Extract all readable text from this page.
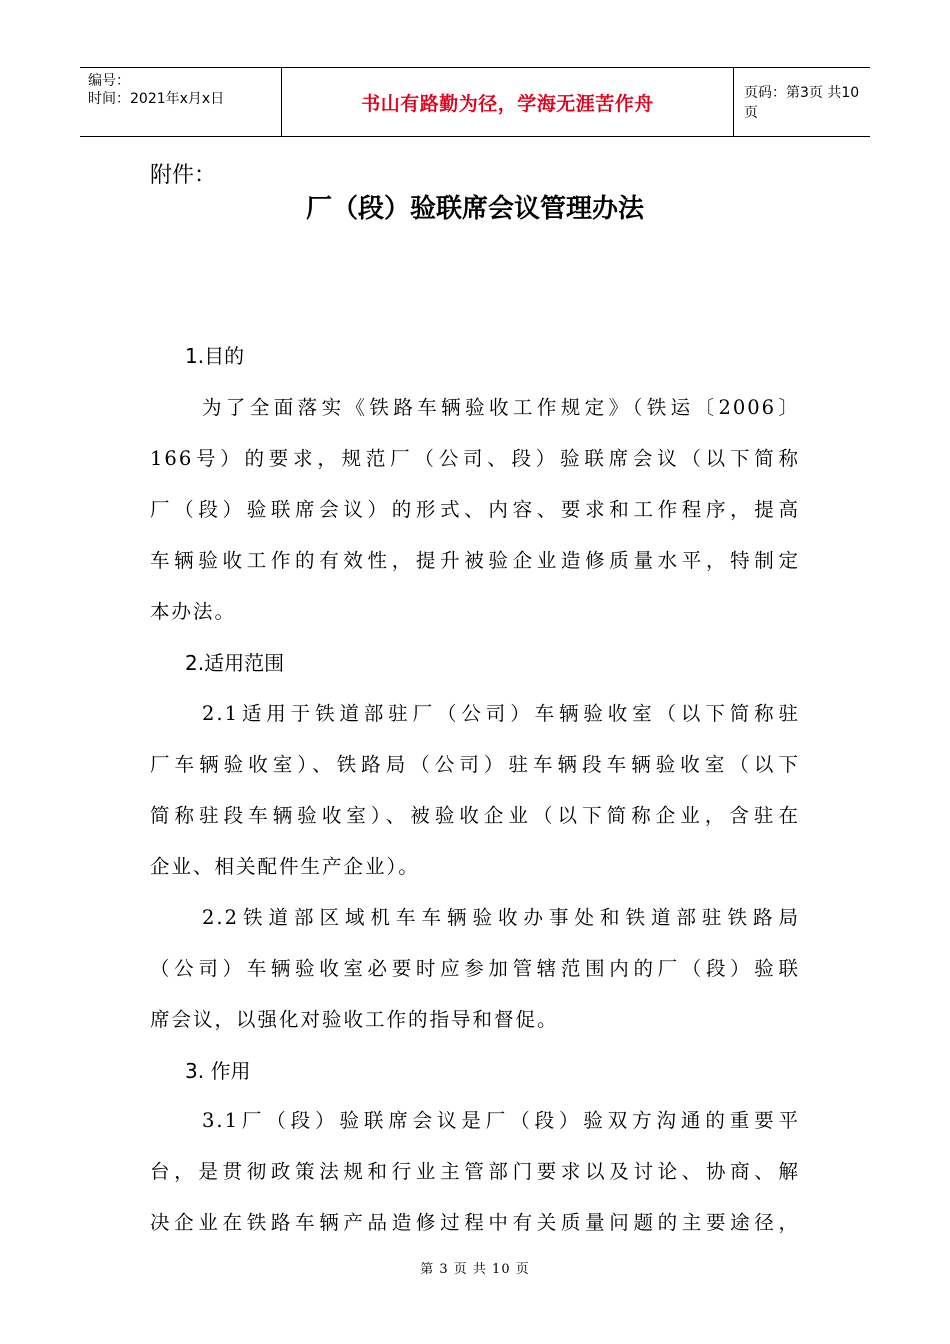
编号：
时间：2021年x月x日	书山有路勤为径，学海无涯苦作舟	页码：第3页 共10页
附件：
厂（段）验联席会议管理办法
1.目的
为了全面落实《铁路车辆验收工作规定》（铁运〔2006〕
166号）的要求，规范厂（公司、段）验联席会议（以下简称
厂（段）验联席会议）的形式、内容、要求和工作程序，提高
车辆验收工作的有效性，提升被验企业造修质量水平，特制定
本办法。
2.适用范围
2.1适用于铁道部驻厂（公司）车辆验收室（以下简称驻
厂车辆验收室）、铁路局（公司）驻车辆段车辆验收室（以下
简称驻段车辆验收室）、被验收企业（以下简称企业，含驻在
企业、相关配件生产企业）。
2.2铁道部区域机车车辆验收办事处和铁道部驻铁路局
（公司）车辆验收室必要时应参加管辖范围内的厂（段）验联
席会议，以强化对验收工作的指导和督促。
3. 作用
3.1厂（段）验联席会议是厂（段）验双方沟通的重要平
台，是贯彻政策法规和行业主管部门要求以及讨论、协商、解
决企业在铁路车辆产品造修过程中有关质量问题的主要途径，
第 3 页 共 10 页
